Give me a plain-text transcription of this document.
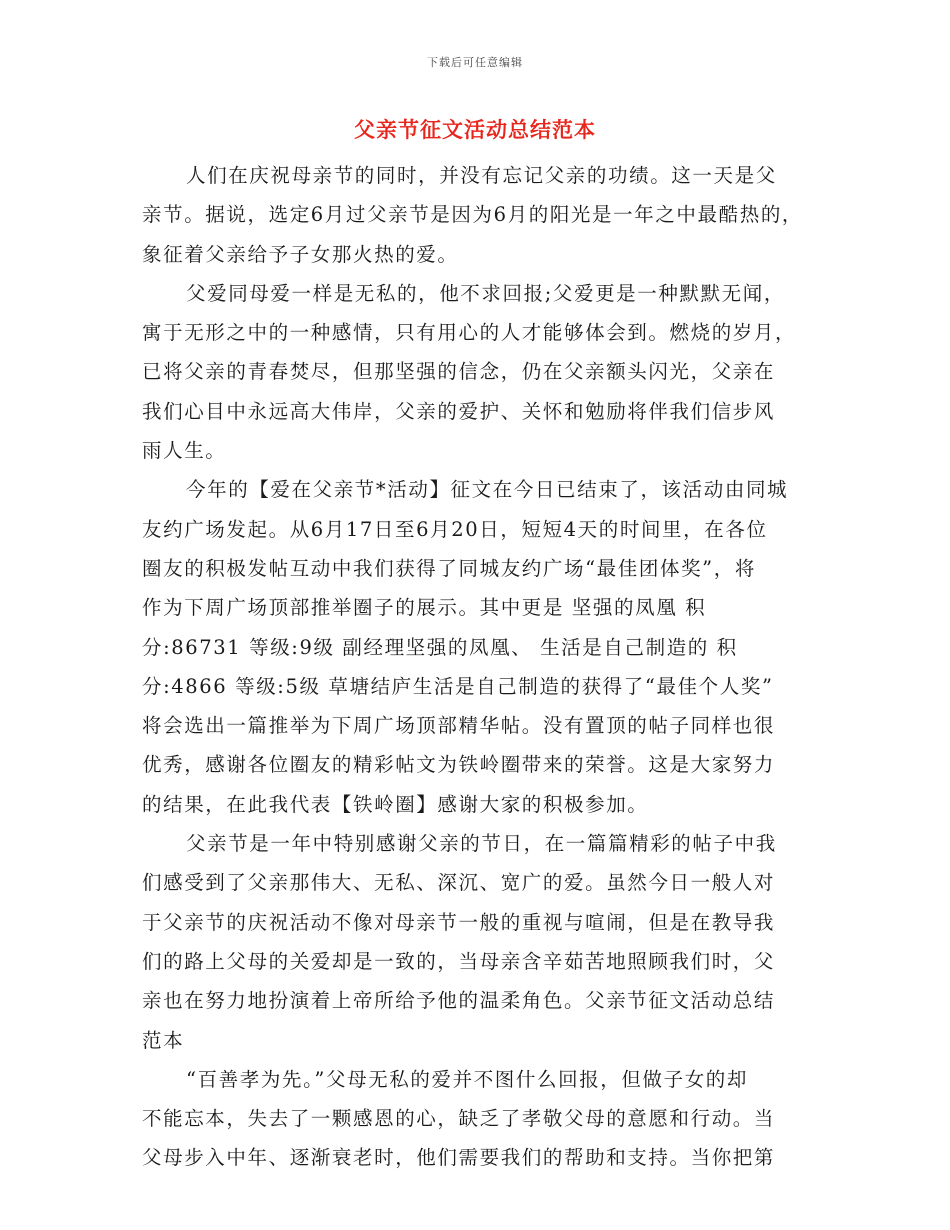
下载后可任意编辑
父亲节征文活动总结范本
人们在庆祝母亲节的同时，并没有忘记父亲的功绩。这一天是父
亲节。据说，选定6月过父亲节是因为6月的阳光是一年之中最酷热的，
象征着父亲给予子女那火热的爱。
父爱同母爱一样是无私的，他不求回报;父爱更是一种默默无闻，
寓于无形之中的一种感情，只有用心的人才能够体会到。燃烧的岁月，
已将父亲的青春焚尽，但那坚强的信念，仍在父亲额头闪光，父亲在
我们心目中永远高大伟岸，父亲的爱护、关怀和勉励将伴我们信步风
雨人生。
今年的【爱在父亲节*活动】征文在今日已结束了，该活动由同城
友约广场发起。从6月17日至6月20日，短短4天的时间里，在各位
圈友的积极发帖互动中我们获得了同城友约广场“最佳团体奖”，将
作为下周广场顶部推举圈子的展示。其中更是 坚强的凤凰 积
分:86731 等级:9级 副经理坚强的凤凰、 生活是自己制造的 积
分:4866 等级:5级 草塘结庐生活是自己制造的获得了“最佳个人奖”
将会选出一篇推举为下周广场顶部精华帖。没有置顶的帖子同样也很
优秀，感谢各位圈友的精彩帖文为铁岭圈带来的荣誉。这是大家努力
的结果，在此我代表【铁岭圈】感谢大家的积极参加。
父亲节是一年中特别感谢父亲的节日，在一篇篇精彩的帖子中我
们感受到了父亲那伟大、无私、深沉、宽广的爱。虽然今日一般人对
于父亲节的庆祝活动不像对母亲节一般的重视与喧闹，但是在教导我
们的路上父母的关爱却是一致的，当母亲含辛茹苦地照顾我们时，父
亲也在努力地扮演着上帝所给予他的温柔角色。父亲节征文活动总结
范本
“百善孝为先。”父母无私的爱并不图什么回报，但做子女的却
不能忘本，失去了一颗感恩的心，缺乏了孝敬父母的意愿和行动。当
父母步入中年、逐渐衰老时，他们需要我们的帮助和支持。当你把第
